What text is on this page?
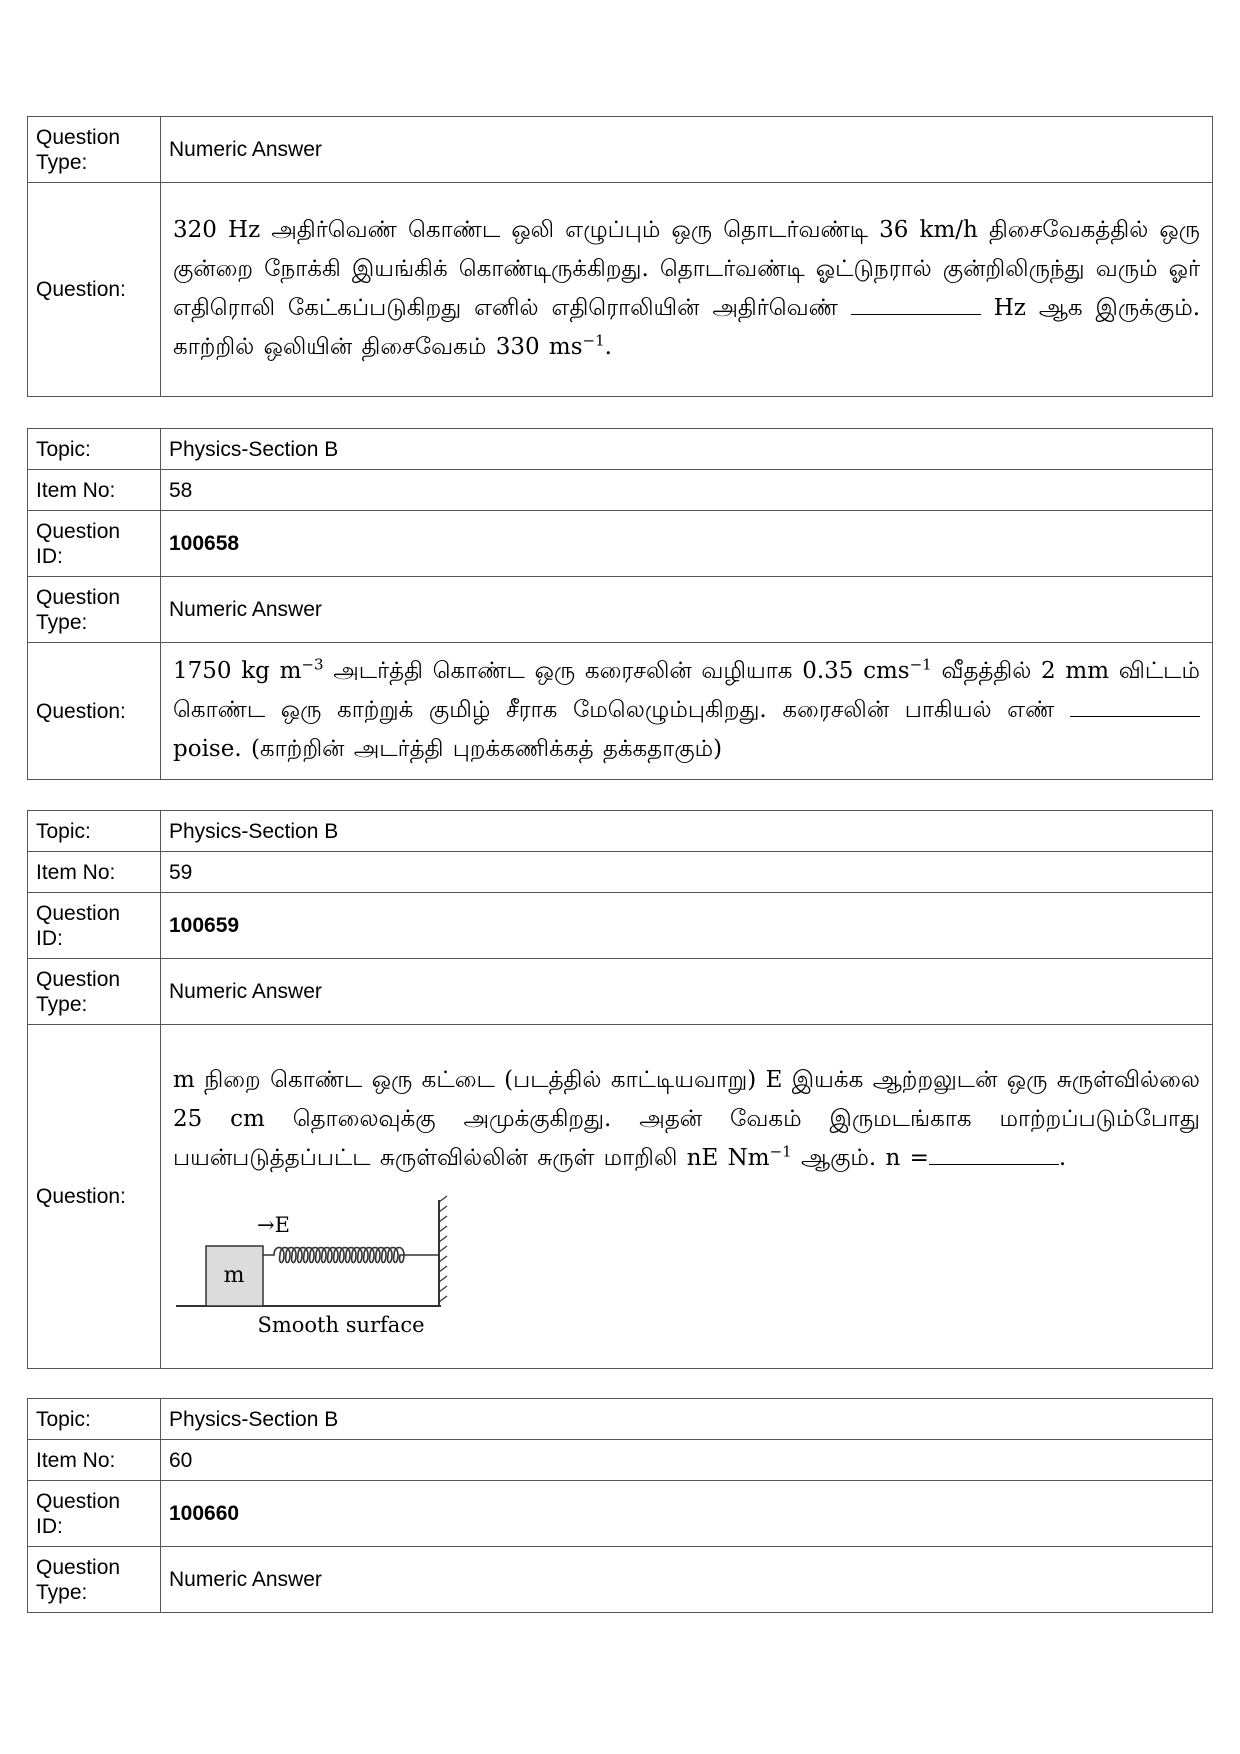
Question Type:	Numeric Answer
Question:	320 Hz அதிர்வெண் கொண்ட ஒலி எழுப்பும் ஒரு தொடர்வண்டி 36 km/h திசைவேகத்தில் ஒரு குன்றை நோக்கி இயங்கிக் கொண்டிருக்கிறது. தொடர்வண்டி ஓட்டுநரால் குன்றிலிருந்து வரும் ஓர் எதிரொலி கேட்கப்படுகிறது எனில் எதிரொலியின் அதிர்வெண் Hz ஆக இருக்கும். காற்றில் ஒலியின் திசைவேகம் 330 $ms^{-1}$.
Topic:	Physics-Section B
Item No:	58
Question ID:	100658
Question Type:	Numeric Answer
Question:	1750 kg $m^{-3}$ அடர்த்தி கொண்ட ஒரு கரைசலின் வழியாக 0.35 cms$^{-1}$ வீதத்தில் 2 mm விட்டம் கொண்ட ஒரு காற்றுக் குமிழ் சீராக மேலெழும்புகிறது. கரைசலின் பாகியல் எண்  poise. (காற்றின் அடர்த்தி புறக்கணிக்கத் தக்கதாகும்)
Topic:	Physics-Section B
Item No:	59
Question ID:	100659
Question Type:	Numeric Answer
Question:	m நிறை கொண்ட ஒரு கட்டை (படத்தில் காட்டியவாறு) E இயக்க ஆற்றலுடன் ஒரு சுருள்வில்லை 25 cm தொலைவுக்கு அமுக்குகிறது. அதன் வேகம் இருமடங்காக மாற்றப்படும்போது பயன்படுத்தப்பட்ட சுருள்வில்லின் சுருள் மாறிலி nE $Nm^{-1}$ ஆகும். n = .
m
→E
Smooth surface
Topic:	Physics-Section B
Item No:	60
Question ID:	100660
Question Type:	Numeric Answer
